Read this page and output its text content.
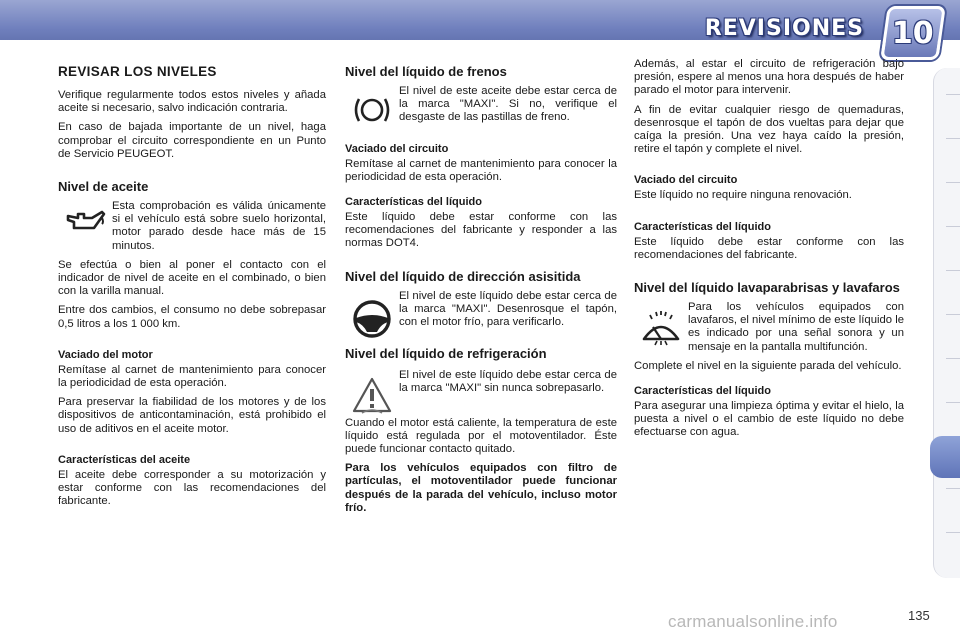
REVISIONES 10
REVISAR LOS NIVELES

Verifique regularmente todos estos niveles y añada aceite si necesario, salvo indicación contraria.

En caso de bajada importante de un nivel, haga comprobar el circuito correspondiente en un Punto de Servicio PEUGEOT.

Nivel de aceite

Esta comprobación es válida únicamente si el vehículo está sobre suelo horizontal, motor parado desde hace más de 15 minutos.

Se efectúa o bien al poner el contacto con el indicador de nivel de aceite en el combinado, o bien con la varilla manual.

Entre dos cambios, el consumo no debe sobrepasar 0,5 litros a los 1 000 km.

Vaciado del motor

Remítase al carnet de mantenimiento para conocer la periodicidad de esta operación.

Para preservar la fiabilidad de los motores y de los dispositivos de anticontaminación, está prohibido el uso de aditivos en el aceite motor.

Características del aceite

El aceite debe corresponder a su motorización y estar conforme con las recomendaciones del fabricante.

Nivel del líquido de frenos

El nivel de este aceite debe estar cerca de la marca "MAXI". Si no, verifique el desgaste de las pastillas de freno.

Vaciado del circuito

Remítase al carnet de mantenimiento para conocer la periodicidad de esta operación.

Características del líquido

Este líquido debe estar conforme con las recomendaciones del fabricante y responder a las normas DOT4.

Nivel del líquido de dirección asisitida

El nivel de este líquido debe estar cerca de la marca "MAXI". Desenrosque el tapón, con el motor frío, para verificarlo.

Nivel del líquido de refrigeración

El nivel de este líquido debe estar cerca de la marca "MAXI" sin nunca sobrepasarlo.

Cuando el motor está caliente, la temperatura de este líquido está regulada por el motoventilador. Éste puede funcionar contacto quitado.

Para los vehículos equipados con filtro de partículas, el motoventilador puede funcionar después de la parada del vehículo, incluso motor frío.

Además, al estar el circuito de refrigeración bajo presión, espere al menos una hora después de haber parado el motor para intervenir.

A fin de evitar cualquier riesgo de quemaduras, desenrosque el tapón de dos vueltas para dejar que caíga la presión. Una vez haya caído la presión, retire el tapón y complete el nivel.

Vaciado del circuito

Este líquido no require ninguna renovación.

Características del líquido

Este líquido debe estar conforme con las recomendaciones del fabricante.

Nivel del líquido lavaparabrisas y lavafaros

Para los vehículos equipados con lavafaros, el nivel mínimo de este líquido le es indicado por una señal sonora y un mensaje en la pantalla multifunción.

Complete el nivel en la siguiente parada del vehículo.

Características del líquido

Para asegurar una limpieza óptima y evitar el hielo, la puesta a nivel o el cambio de este líquido no debe efectuarse con agua.

carmanualsonline.info	135
